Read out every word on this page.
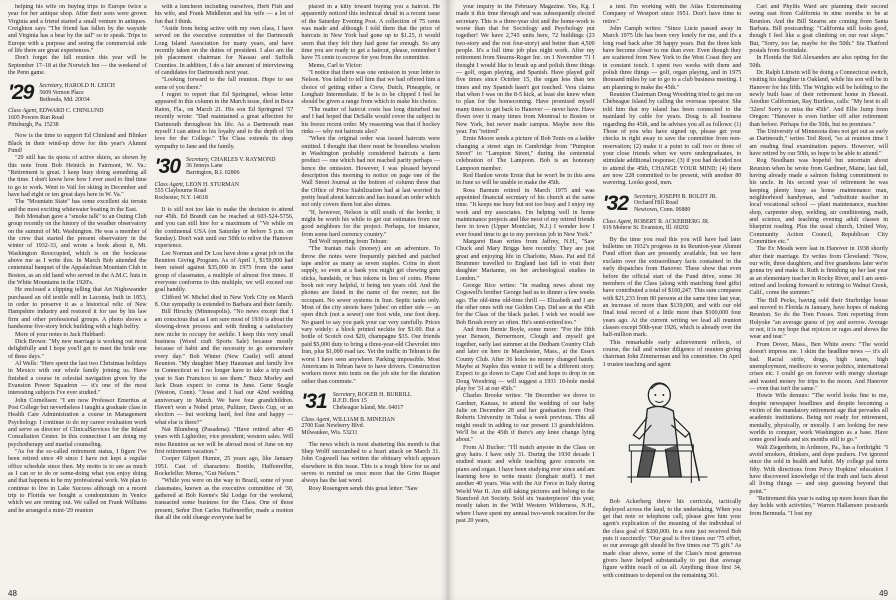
helping his wife on buying trips to Europe twice a year for her antique shop. After their sons were grown Virginia and a friend started a small venture in antiques. Creighton says "The friend has fallen by the wayside and Virginia has a bear by the tail" so to speak. Trips to Europe with a purpose and seeing the commercial side of life there are great experiences."

Don't forget the fall reunion this year will be September 17–18 at the Norwich Inn — the weekend of the Penn game.

'29 Secretary, HAROLD H. LEICH
5609 Vernon Place
Bethesda, Md. 20034
Class Agent, EDWARD C. CHINLUND
1605 Powers Run Road
Pittsburgh, Pa. 15238

Now is the time to support Ed Chinlund and Blinker Black in their wind-up drive for this year's Alumni Fund!

"29 still has its quota of active skiers, as shown by this note from Bob Heinick in Fairmont, W. Va.: "Retirement is great. I keep busy doing something all the time. I don't know how how I ever used to find time to go to work. Went to Vail for skiing in December and have had eight or ten great days here in W. Va."

The "Mountain State" has some excellent ski terrain and the most exciting whitewater boating in the East.

Bob Monahan gave a "smoke talk" to an Outing Club group recently on the history of the weather observatory on the summit of Mt. Washington. He was a member of the crew that started the present observatory in the winter of 1932-33, and wrote a book about it, Mt. Washington Reoccupied, which is on the bookcase above me as I write this. In March Bob attended the centennial banquet of the Appalachian Mountain Club in Boston, as an old hand who served in the A.M.C. huts in the White Mountains in the 1920's.

He enclosed a clipping telling that Art Nighswander purchased an old textile mill in Laconia, built in 1853, in order to preserve it as a historical relic of New Hampshire industry and restored it for use by his law firm and other professional groups. A photo shows a handsome five-story brick building with a high belfry.

More of your notes to Jack Hubbard:

Dick Brown: "My new marriage is working out most delightfully and I hope you'll get to meet the bride one of these days."

Al Wells: "Here spent the last two Christmas holidays in Mexico with our whole family joining us. Have finished a course in celestial navigation given by the Evanston Power Squadron — it's one of the most interesting subjects I've ever studied."

John Cornelisen: "I am now Professor Emeritus at Post College but nevertheless I taught a graduate class in Health Care Administration a course in Management Psychology. I continue to do my career evaluation work and serve as director of ClinicalServices for the Inland Consultation Center. In this connection I am doing my psychotherapy and marital counseling.

"As for the so-called retirement status, I figure I've been retired since 49 since I have not kept a regular office schedule since then. My motto is to see as much as I can or to do or some-doing what you enjoy doing and that happens to be my professional work. We plan to continue to live in Lake Success although on a recent trip to Florida we bought a condominium in Venice which we are renting out. We called on Frank Williams and he arranged a mini-'29 reunion

with a luncheon including ourselves, Herb Fish and his wife, and Frank Middleton and his wife — a lot of fun that I think.

"Aside from being active with my own class, I have served on the executive committee of the Dartmouth Long Island Association for many years, and have recently taken on the duties of president. I also am the job placement chairman for Nassau and Suffolk Counties. In addition, I do a fair amount of interviewing of candidates for Dartmouth next year.

"Looking forward to the fall reunion. Hope to see some of you there."

I regret to report that Ed Springmel, whose letter appeared in this column in the March issue, died in Boca Raton, Fla., on March 21. His son Ed Springmel '57 recently wrote: "Dad maintained a great affection for Dartmouth throughout his life. As a Dartmouth man myself I can attest to his loyalty and to the depth of his love for the College." The Class extends its deep sympathy to Jane and the family.

'30 Secretary, CHARLES V. RAYMOND
36 Jennys Lane
Barrington, R.I. 02806
Class Agent, LEON H. STURMAN
555 Claybourne Road
Rochester, N.Y. 14618

It is still not too late to make the decision to attend our 45th. Ed Brandt can be reached at 603-524-5756, and you can still hire for a maximum of "Ve while on the continental USA (on Saturday or before 5 p.m. on Sunday). Don't wait until our 50th to relive the Hanover experience.

Lee Norman and Dr Lou have done a great job on the Reunion Giving Program. As of April 1, $159,000 had been raised against $35,000 in 1975 from the same group of classmates, a multiple of almost five times. If everyone conforms to this multiple, we will exceed our goal handily.

Clifford W. Michel died in New York City on March 8. Our sympathy is extended to Barbara and their family.

Bill Hirschy (Minneapolis). "No news except that I am conscious that as I am sure most of 1930 is about the slowing-down process and with finding a satisfactory new niche to occupy for awhile. I keep this very small business (Wood craft Sports Sale) because mostly because of habit and the necessity to go somewhere every day." Bob Winter (New Castle) will attend Reunion. "My daughter Mary Hausman and family live in Connecticut so I no longer have to take a trip each year to San Francisco to see them." Buzz Morley and Jack Dean expect to come in June. Gene Seagle (Weston, Conn). "Jesse and I had our 42nd wedding anniversary in March. We have four grandchildren. Haven't won a Nobel prize, Pulitzer, Davis Cup, or an election — but working hard, feel fine and happy — what else is there?"

Nat Blumberg (Pasadena). "Have retired after 45 years with Lightolier, vice president; western sales. Will miss Reunion as we will be abroad most of June on my first retirement vacation."

Cooper Gilpert Humor, 25 years ago, like January 1951. Cast of characters: Boettle, Haffenreffer, Rockefeller. Memo, "Gut Nelson."

"While you were on the way to Brazil, some of your classmates, known as the executive committee of '30, gathered at Bob Keene's Ski Lodge for the weekend, transacted some business for the Class. One of those present, Señor Don Carlos Haffenreffer, made a motion that all the odd change everyone had be

placed in a kitty toward buying you a haircut. He apparently noticed this technical detail in a recent issue of the Saturday Evening Post. A collection of 75 cents was made and although I told them that the price of haircuts in New York had gone up to $1.25, it would seem that they felt they had gone far enough. So any time you are ready to get a haircut, please, remember I have 75 cents to escrow for you from the committee.

Memo, Carl to Victor:

"I notice that there was one omission in your letter to Nelson. You failed to tell him that we had offered him a choice of getting either a Crew, Dutch, Pineapple, or Longhair Intermediate. If he is to be clipped I feel he should be given a range from which to make his choice.

"The matter of haircut costs has long disturbed me and I had hoped that DeSalle would cover the subject in his freeze recent order. My reasoning was that if hockey rinks — why not haircuts also?

"When the original order was issued haircuts were omitted. I thought that there must be boundless wisdom in Washington probably considered haircuts a farm product — one which had not reached parity perhaps — hence the omission. However, I was pleased beyond description this morning to notice on page one of the Wall Street Journal at the bottom of column three that the Office of Price Stabilization had at last worried its pretty head about haircuts and has issued an order which not only covers them but also shines.

"If, however, Nelson is still south of the border, it might be worth his while to get out estimates from our good neighbors for the project. Perhaps, for instance, from some hard currency country."

Ted Wolf reporting from Tehran:

"The Iranian rials (money) are an adventure. To throw the notes were frequently patched and patched tape and/or as many as seven staples. Coins in short supply, so even at a bank you might get chewing gum sticks, bandaids, or bus tokens in lieu of coins. Phone book not very helpful, it being ten years old. And the phones are listed in the name of the owner, not the occupant. No sewer systems in Iran. Septic tanks only. Most of the city streets have 'jubes' on either side — an open ditch (not a sewer) one foot wide, one foot deep. No guard to say you park your car very carefully. Prices vary widely: a block printed necktie for $1.00. But a bottle of Scotch cost $20, champagne $35. Our friends paid $5,000 duty to bring a three-year-old Chevrolet into Iran, plus $1,000 road tax. Yet the traffic in Tehran is the worst I have seen anywhere. Parking impossible. Most Americans in Tehran have to have drivers. Construction workers move into tents on the job site for the duration rather than commute."

'31 Secretary, ROGER H. BURRILL
R.F.D. Box 15
Chebeague Island, Me. 04017
Class Agent, WILLIAM B. MINEHAN
2700 East Newberry Blvd.
Milwaukee, Wis. 53211

The news which is most shattering this month is that Shep Wolff succumbed to a heart attack on March 31. John Cogswell has written the obituary which appears elsewhere in this issue. This is a tough blow for us and serves to remind us once more that the Grim Reaper always has the last word.

Rosy Rosengren sends this great letter: "Saw

48

your inquiry in the February Magazine. Yes, Kg. I made it this time through and was subsequently elected secretary. This is a three-year slot and the home-work is worse than that for Sociology and Psychology put together! We have 2,745 units here, 72 buildings (23 two-story and the rest four-story) and better than 4,500 people. It's a full time job plus night work. After my retirement from Stearns-Roger Inc. on 1 November '71 I thought I would like to brush up and polish three things — golf, organ playing, and Spanish. Have played golf five times since October 15, the organ less than ten times and my Spanish hasn't got touched. Vera claims that when I was on the 8-5 kick, at least she knew when to plan for the homecoming. Have promised myself many times to get back to Hanover — never have. Have flown over it many times from Montreal to Boston or New York, but never made campus. Maybe now this year. I'm "retired"

Ernie Moore sends a picture of Bob Tonis on a ladder changing a street sign in Cambridge from "Pumpton Street" to "Lampton Street," during the centennial celebration of The Lampoon. Bob is an honorary Lampoon member.

Red Hanlon wrote Ernie that he won't be in this area in June so will be unable to make the 45th.

Ross Barnum retired in March 1975 and was appointed financial secretary of his church at the same time. "It keeps me busy but not too busy and I enjoy my work and my associates. I'm helping well in home maintenance projects and like most of my retired friends here in town (Upper Montclair, N.J.) I wonder how I ever found time to go to my previous job in New York."

Margaret Bean writes from Jaffrey, N.H., "Saw Chuck and Mary Briggs here recently. They are just great and enjoying life in Charlotte, Mass. Pat and Ed Brummer travelled to England last fall to visit their daughter Marianne, on her archeological studies in London."

George Rice writes: "In reading news about my Cogswell's brother George had us to dinner a few weeks ago. The old-time old-time thrill — Elizabeth and I are the other ones with our Golden Cup. Did see at the 45th for the Class of the black jacket. I wish we would see Bob Brush every so often. He's semi-retired too."

And from Bernie Boyle, some more: "For the fifth year Benson, Bernermore, Clough and myself got together, early last summer at the Dedham Country Club and later on here in Manchester, Mass., at the Essex County Club. After 36 holes no money changed hands. Maybe at Naples this winter it will be a different story. Expect to go down to Cape Cod and hope to drop in on Doug Woodring — will suggest a 1931 18-hole medal play for '31 at our 45th."

Charles Brooke writes: "In December we drove to Gardner, Kansas, to attend the wedding of our baby Julie on December 28 and her graduation from Oral Roberts University in Tulsa a week previous. This all might result in adding to our present 13 grandchildren. We'll be at the 45th if there's any knee change lying about."

From Al Bucher: "I'll match anyone in the Class on gray hairs. I have only 31. During the 1930 decade I studied music and while teaching gave concerts on piano and organ. I have been studying ever since and am learning how to write music (longhair stuff). I met another 40 years. Was with the Air Force in Italy during World War II. Am still taking pictures and belong to the Stamford Art Society. Sold six 'masterpieces' this year, mostly taken in the Wild Western Wilderness, N.H., where I have spent my annual two-week vacation for the past 20 years,

a tent. I'm working with the Atlas Exterminating Company of Westport since 1951. Don't have time to retire."

John Camph writes: "Since Lucie passed away in March 1975 life has been very lonely for me, and it's a long road back after 38 happy years. But the three kids have become closer to me than ever. Even though they are scattered from New York to the West Coast they are in constant touch. I spent two weeks with them and polish three things — golf, organ playing, and in 1975 thousand miles by car to go to a club business meeting. I am planning to make the 45th."

Reunion Chairman Doug Woodring tried to get me on Chebeague Island by calling the overseas operator. She told him that my island has been connected to the mainland by cable for years. Doug is all business regarding the 45th, and he advises you all as follows: (1) Those of you who have signed up, please get your checks in right away to save the committee from non-reservation; (2) make it a point to call two or three of your close friends when we were undergraduates, to stimulate additional response; (3) if you had decided not to attend the 45th, CHANGE YOUR MIND; (4) there are now 228 committed to be present, with another 80 wavering. Looks good, men.

'32 Secretary, JOSEPH B. BOLDT JR.
Orchard Hill Road
Newtown, Conn. 06880
Class Agent, ROBERT R. ACKERBERG JR.
919 Monroe St. Evanston, Ill. 60202

By the time you read this you will have had later bulletins on 1932's progress in its Reunion-year Alumni Fund effort than are presently available, but we here exclaim over the extraordinary facts contained in the early dispatches from Hanover. These show that even before the official start of the Fund drive, some 36 members of the Class (along with matching fund gifts) have contributed a total of $160,247. This sum compares with $21,233 from 80 persons at the same time last year, an increase of more than $139,000, and with our old final total record of a little more than $100,000 four years ago. At the current writing we lead all reunion classes except 50th-year 1926, which is already over the half-million mark.

This remarkable early achievement reflects, of course, the fall and winter diligence of reunion giving chairman John Zimmerman and his committee. On April 1 trustee teaching and agent

Bob Ackerberg threw his curricula, tactically deployed across the land, to the undertaking. When you get that note or telephone call, please give him your agent's explication of the meaning of the individual of the class goal of $260,000. In a note just received Bob puts it succinctly: "Our goal is five times our '75 effort, so our average gift should be five times our '75 gift." As made clear above, some of the Class's most generous givers have helped substantially to put that average figure within reach of us all. Anything those first 34, with continues to depend on the remaining 361.

Carl and Phyllis Ward are planning their second swing east from California in nine months to be at Reunion. And the Bill Stearns are coming from Santa Barbara. Bill postcarding: "California still looks good, though I feel like a goat climbing on our rear slope." But, "Sorry, too far, maybe for the 50th." Stu Thatford postals from Scottsdale.

In Florida the Sid Alexanders are also opting for the 50th.

Dr. Ralph Littwin will be doing a Connecticut switch, visiting his daughter in Oakland, while his son will be in Hanover for his fifth. The Wrights will be holding to the newly built base of their retirement home in Hawaii. Another Californian, Ray Burtless, calls: "My best to all '32ers! Sorry to miss the 45th". And Ellie Jump from Oregon: "Hanover is even further off after retirement than before. Perhaps for the 50th, but no promises."

The University of Minnesota does not get out as early as Dartmouth," writes Ted Reed, "so at reunion time I am reading final examination papers. However, will have retired by our 50th, so hope to be able to attend."

Rog Needham was hopeful but uncertain about Reunion when he wrote from Gardiner, Maine, last fall, having already made a salmon fishing commitment to his uncle. In his second year of retirement he was keeping plenty busy as home maintenance man, neighborhood handyman, and "substitute teacher in local vocational school — plant maintenance, machine shop, carpenter shop, welding, air conditioning, math, and science, and teaching evening adult classes in blueprint reading. Plus the usual church, United Way, Community Action Council, Republican City Committee etc."

The Ev Meads were last in Hanover in 1938 shortly after their marriage. Ev writes from Cleveland: "Now, our wife, three daughters, and five grandsons later we're gonna try and make it. Ruth is finishing up her last year as an elementary teacher in Rocky River, and I am semi-retired and looking forward to retiring to Walnut Creek, Calif., come the summer."

The Bill Pecks, having sold their Sturbridge house and moved to Florida in January, have hopes of making Reunion. So do the Tom Fosses. Tom reporting from Holyoke "an average guess of joy and sorrow. Average or not, it is my hope that rejoices or rages and shows the wear and tear."

From Dover, Mass., Ben White avers: "The world doesn't impress me. I skim the headline news — it's all bad. Racial strife, drugs, high taxes, high unemployment, mediocre to worse politics, international crises etc. I could go on forever with energy shortage and wasted money for trips to the moon. And Hanover — even that isn't the same."

Howie Wile demurs: "The world looks fine to me, despite newspaper headlines and despite becoming a victim of the mandatory retirement age that pervades all academic institutions. Being not ready for retirement, mentally, physically, or morally. I am looking for new worlds to conquer, work Washington as a base. Have some good leads and six months still to go."

Walt Ziegenhein, in Ardmore, Pa., has a forthright: "I avoid smokers, drinkers, and dope pushers. I've ignored since the sold in health and habit. My college pal turns fifty. With directions from Percy Hopkins' education I have discovered knowledge of the truth and facts about all living things — and stop guessing beyond that point."

"Retirement this year is eating up more hours than the day holds with activities," Warren Hallamore postcards from Bermuda. "I lost my

49
